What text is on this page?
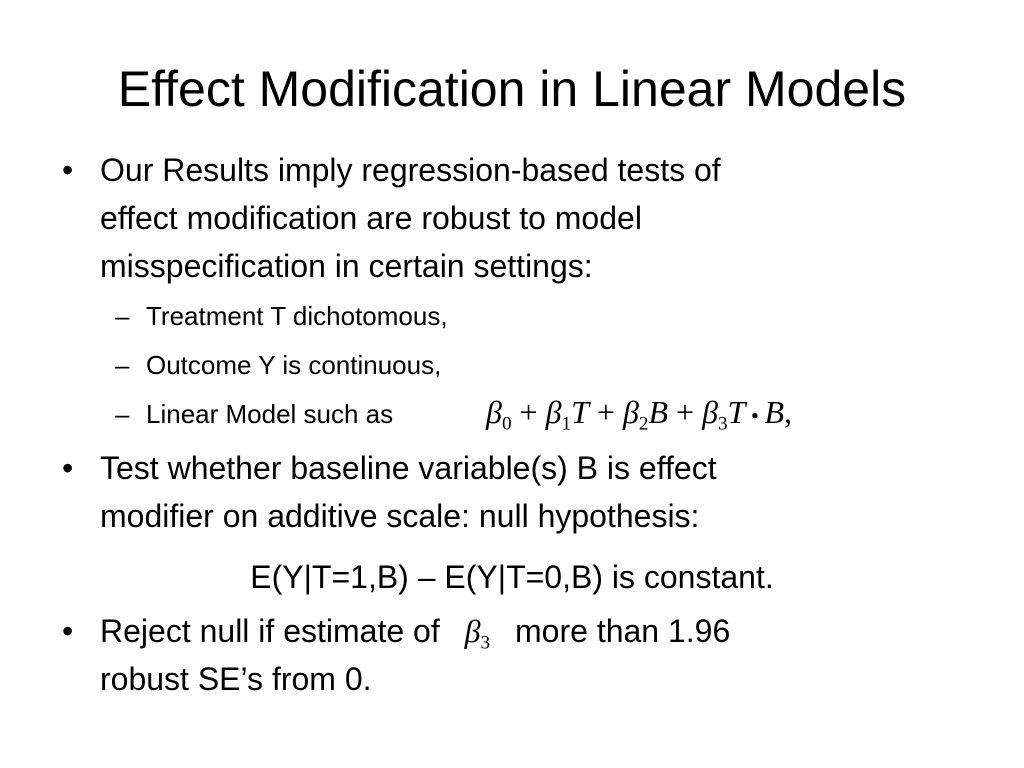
Effect Modification in Linear Models
• Our Results imply regression-based tests of
effect modification are robust to model
misspecification in certain settings:
– Treatment T dichotomous,
– Outcome Y is continuous,
– Linear Model such as	$\beta_0 + \beta_1T + \beta_2B + \beta_3T$ • B,
• Test whether baseline variable(s) B is effect
modifier on additive scale: null hypothesis:
E(Y|T=1,B) – E(Y|T=0,B) is constant.
• Reject null if estimate of $\beta_3$ more than 1.96
robust SE’s from 0.
